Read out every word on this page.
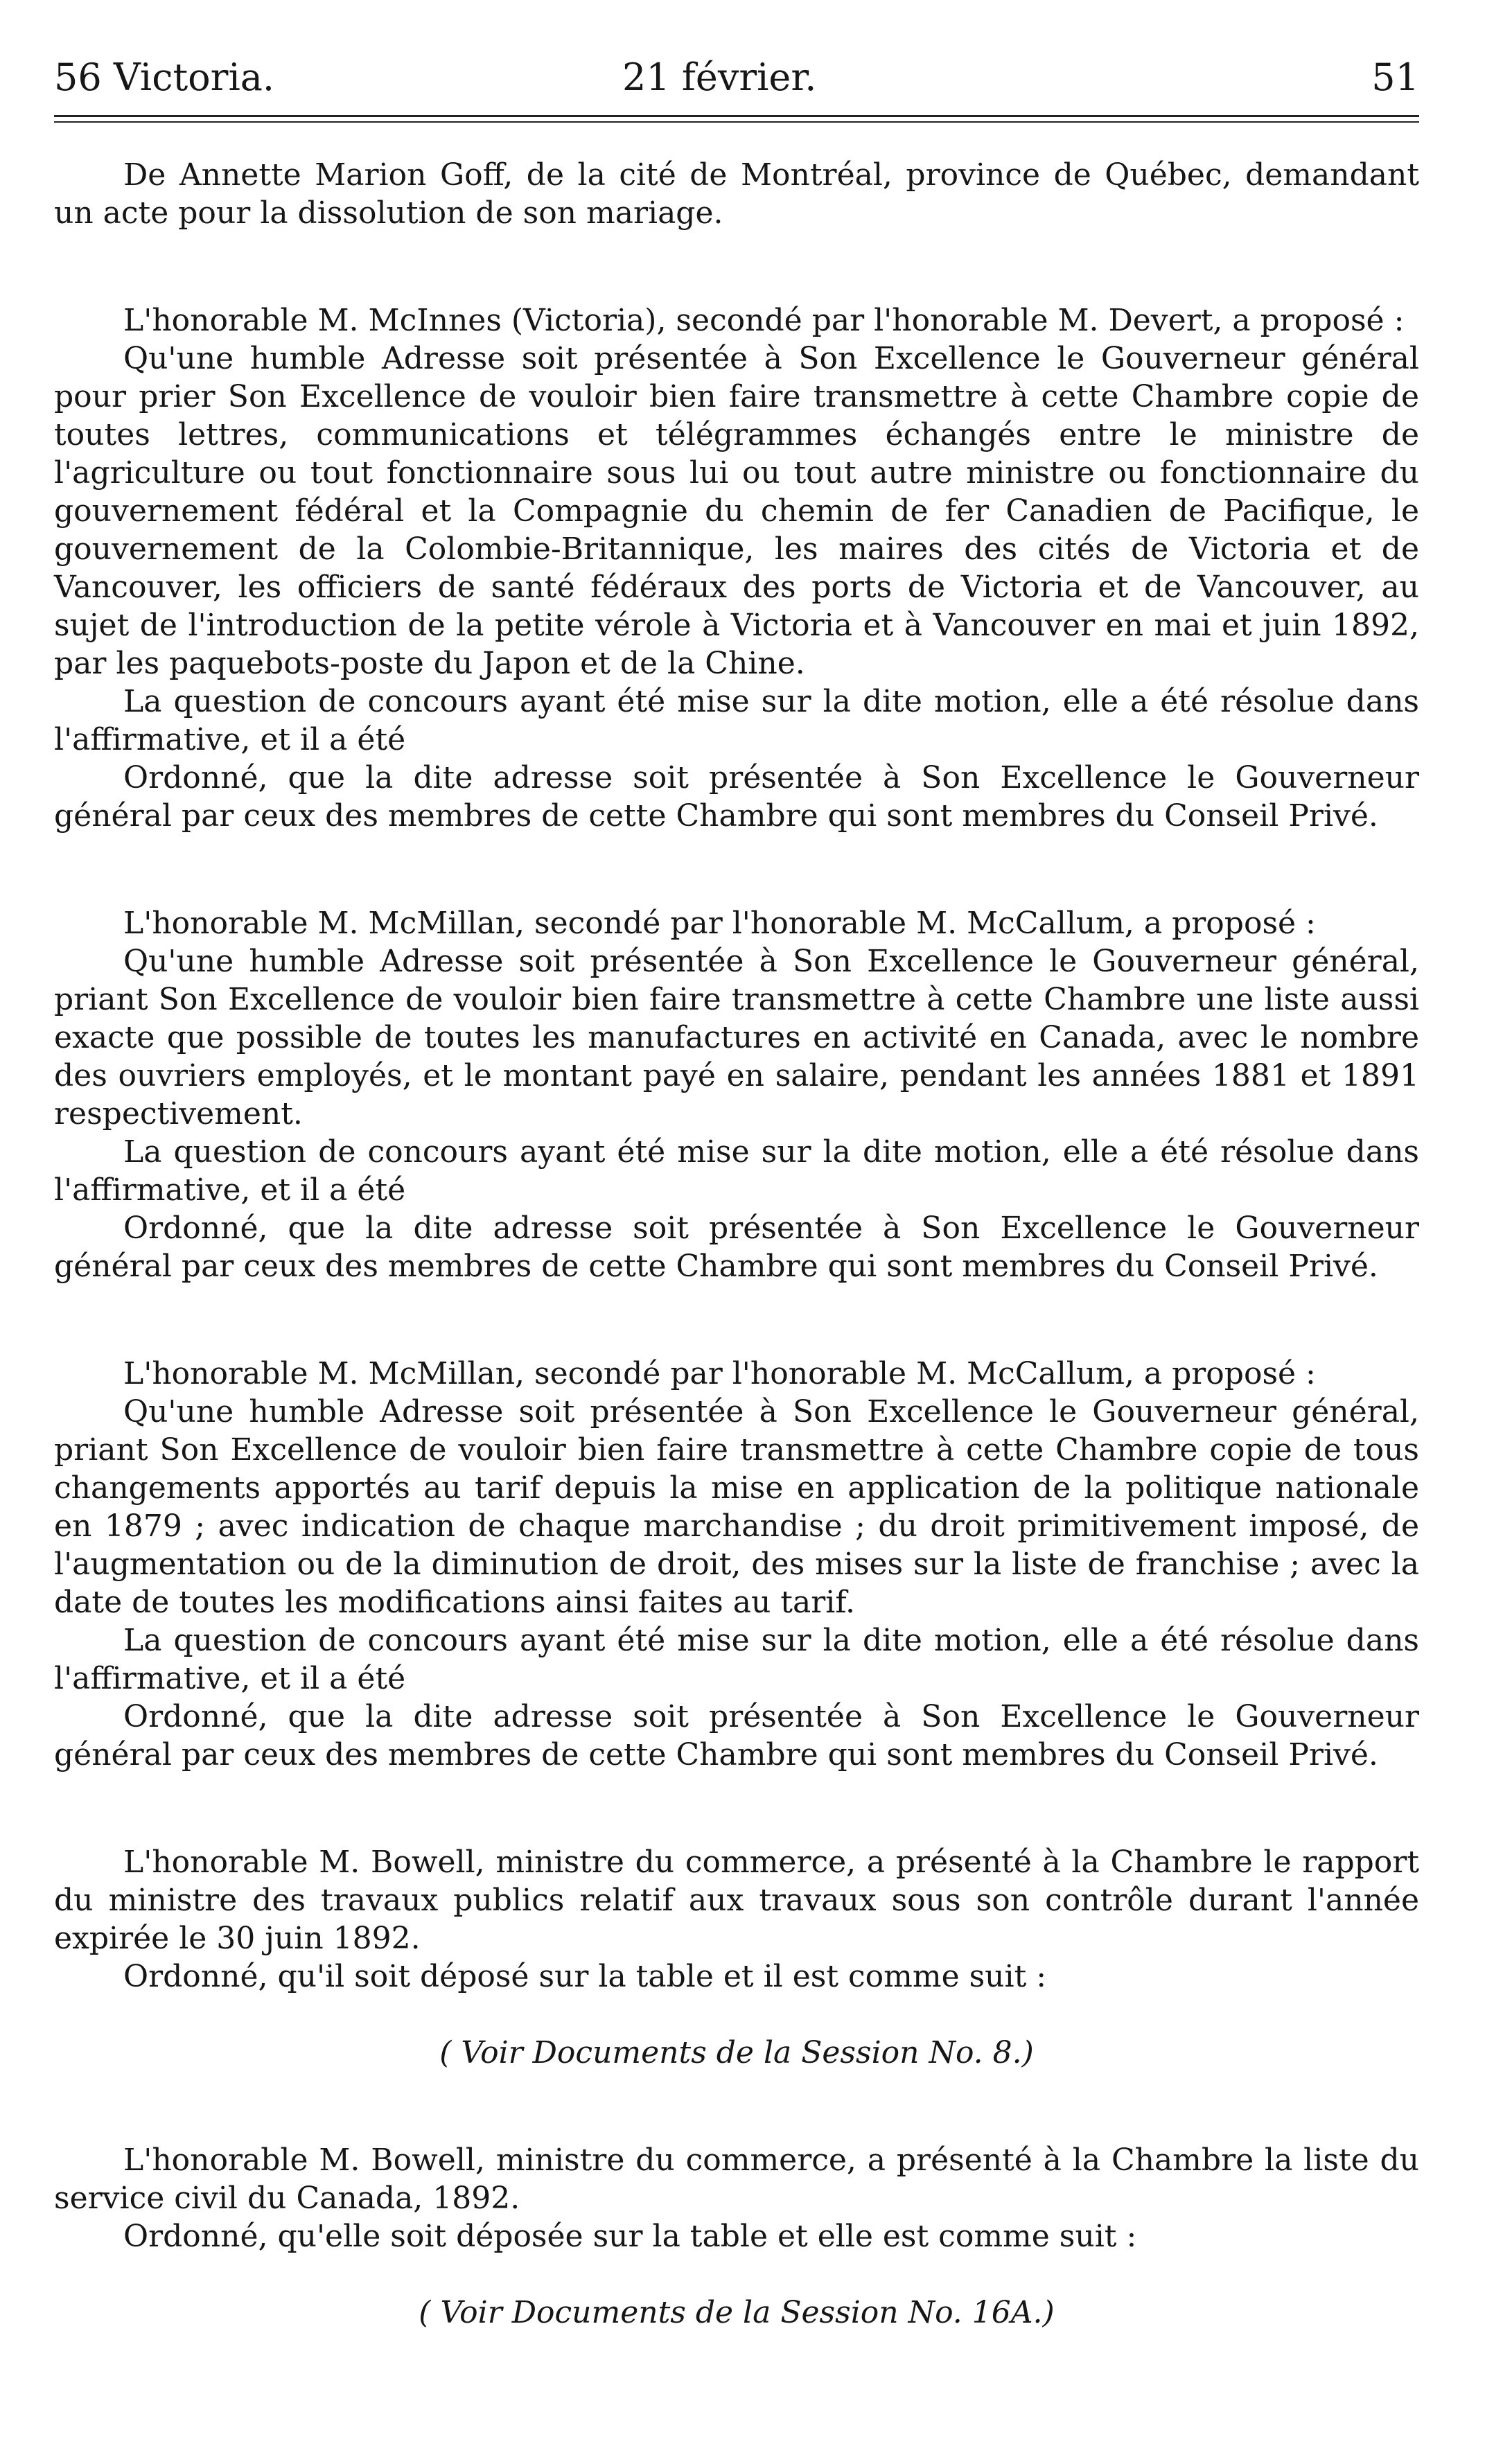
56 Victoria.	21 février.	51

De Annette Marion Goff, de la cité de Montréal, province de Québec, demandant un acte pour la dissolution de son mariage.

L'honorable M. McInnes (Victoria), secondé par l'honorable M. Devert, a proposé :

Qu'une humble Adresse soit présentée à Son Excellence le Gouverneur général pour prier Son Excellence de vouloir bien faire transmettre à cette Chambre copie de toutes lettres, communications et télégrammes échangés entre le ministre de l'agriculture ou tout fonctionnaire sous lui ou tout autre ministre ou fonctionnaire du gouvernement fédéral et la Compagnie du chemin de fer Canadien de Pacifique, le gouvernement de la Colombie-Britannique, les maires des cités de Victoria et de Vancouver, les officiers de santé fédéraux des ports de Victoria et de Vancouver, au sujet de l'introduction de la petite vérole à Victoria et à Vancouver en mai et juin 1892, par les paquebots-poste du Japon et de la Chine.

La question de concours ayant été mise sur la dite motion, elle a été résolue dans l'affirmative, et il a été

Ordonné, que la dite adresse soit présentée à Son Excellence le Gouverneur général par ceux des membres de cette Chambre qui sont membres du Conseil Privé.

L'honorable M. McMillan, secondé par l'honorable M. McCallum, a proposé :

Qu'une humble Adresse soit présentée à Son Excellence le Gouverneur général, priant Son Excellence de vouloir bien faire transmettre à cette Chambre une liste aussi exacte que possible de toutes les manufactures en activité en Canada, avec le nombre des ouvriers employés, et le montant payé en salaire, pendant les années 1881 et 1891 respectivement.

La question de concours ayant été mise sur la dite motion, elle a été résolue dans l'affirmative, et il a été

Ordonné, que la dite adresse soit présentée à Son Excellence le Gouverneur général par ceux des membres de cette Chambre qui sont membres du Conseil Privé.

L'honorable M. McMillan, secondé par l'honorable M. McCallum, a proposé :

Qu'une humble Adresse soit présentée à Son Excellence le Gouverneur général, priant Son Excellence de vouloir bien faire transmettre à cette Chambre copie de tous changements apportés au tarif depuis la mise en application de la politique nationale en 1879 ; avec indication de chaque marchandise ; du droit primitivement imposé, de l'augmentation ou de la diminution de droit, des mises sur la liste de franchise ; avec la date de toutes les modifications ainsi faites au tarif.

La question de concours ayant été mise sur la dite motion, elle a été résolue dans l'affirmative, et il a été

Ordonné, que la dite adresse soit présentée à Son Excellence le Gouverneur général par ceux des membres de cette Chambre qui sont membres du Conseil Privé.

L'honorable M. Bowell, ministre du commerce, a présenté à la Chambre le rapport du ministre des travaux publics relatif aux travaux sous son contrôle durant l'année expirée le 30 juin 1892.

Ordonné, qu'il soit déposé sur la table et il est comme suit :

( Voir Documents de la Session No. 8.)

L'honorable M. Bowell, ministre du commerce, a présenté à la Chambre la liste du service civil du Canada, 1892.

Ordonné, qu'elle soit déposée sur la table et elle est comme suit :

( Voir Documents de la Session No. 16A.)
